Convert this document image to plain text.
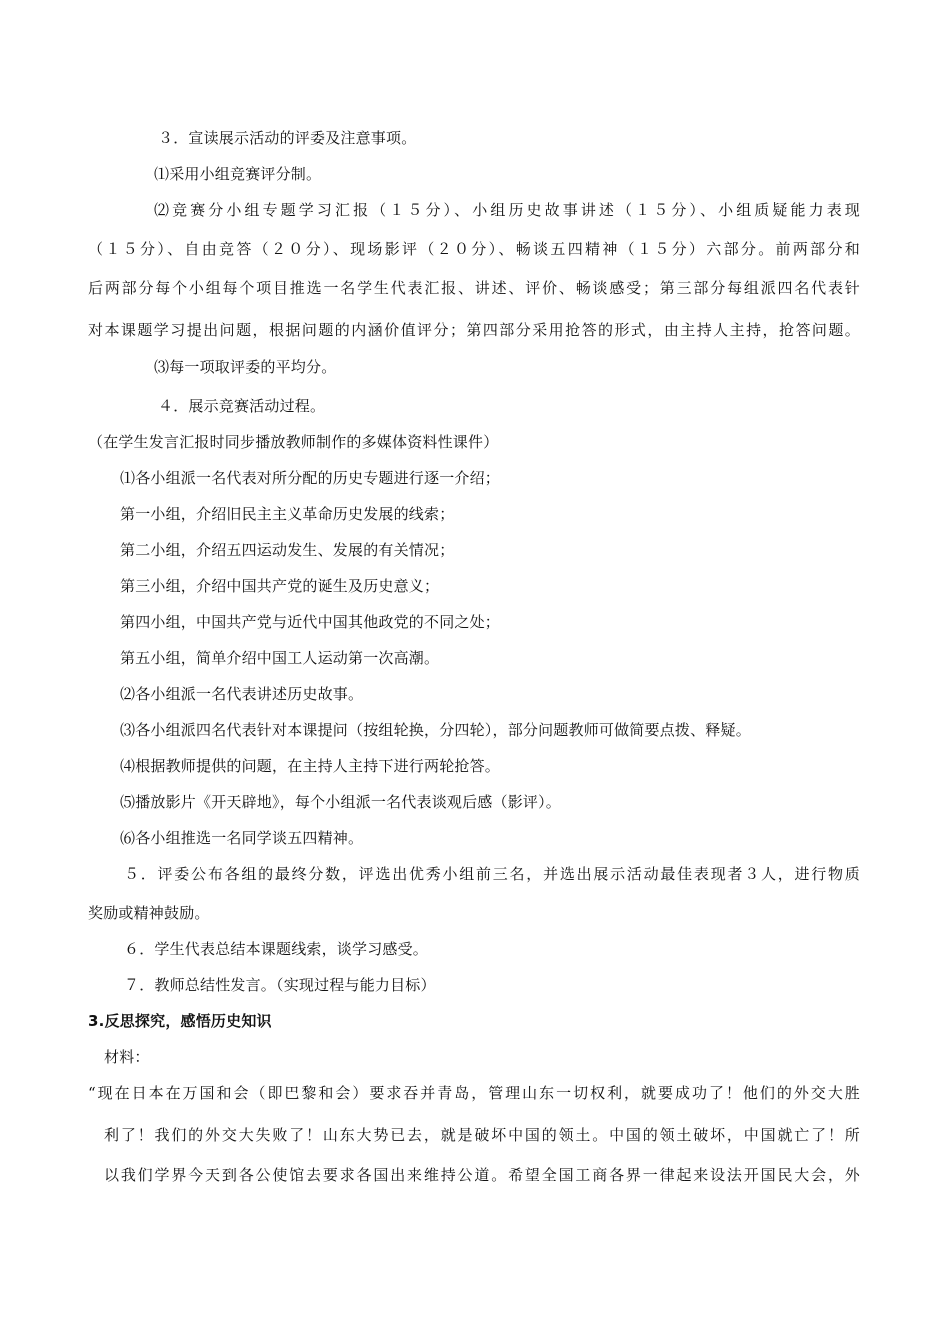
３．宣读展示活动的评委及注意事项。
⑴采用小组竞赛评分制。
⑵竞赛分小组专题学习汇报（１５分）、小组历史故事讲述（１５分）、小组质疑能力表现
（１５分）、自由竞答（２０分）、现场影评（２０分）、畅谈五四精神（１５分）六部分。前两部分和
后两部分每个小组每个项目推选一名学生代表汇报、讲述、评价、畅谈感受；第三部分每组派四名代表针
对本课题学习提出问题，根据问题的内涵价值评分；第四部分采用抢答的形式，由主持人主持，抢答问题。
⑶每一项取评委的平均分。
４．展示竞赛活动过程。
（在学生发言汇报时同步播放教师制作的多媒体资料性课件）
⑴各小组派一名代表对所分配的历史专题进行逐一介绍；
第一小组，介绍旧民主主义革命历史发展的线索；
第二小组，介绍五四运动发生、发展的有关情况；
第三小组，介绍中国共产党的诞生及历史意义；
第四小组，中国共产党与近代中国其他政党的不同之处；
第五小组，简单介绍中国工人运动第一次高潮。
⑵各小组派一名代表讲述历史故事。
⑶各小组派四名代表针对本课提问（按组轮换，分四轮），部分问题教师可做简要点拨、释疑。
⑷根据教师提供的问题，在主持人主持下进行两轮抢答。
⑸播放影片《开天辟地》，每个小组派一名代表谈观后感（影评）。
⑹各小组推选一名同学谈五四精神。
５．评委公布各组的最终分数，评选出优秀小组前三名，并选出展示活动最佳表现者３人，进行物质
奖励或精神鼓励。
６．学生代表总结本课题线索，谈学习感受。
７．教师总结性发言。（实现过程与能力目标）
3.反思探究，感悟历史知识
材料：
“现在日本在万国和会（即巴黎和会）要求吞并青岛，管理山东一切权利，就要成功了！他们的外交大胜
利了！我们的外交大失败了！山东大势已去，就是破坏中国的领土。中国的领土破坏，中国就亡了！所
以我们学界今天到各公使馆去要求各国出来维持公道。希望全国工商各界一律起来设法开国民大会，外
